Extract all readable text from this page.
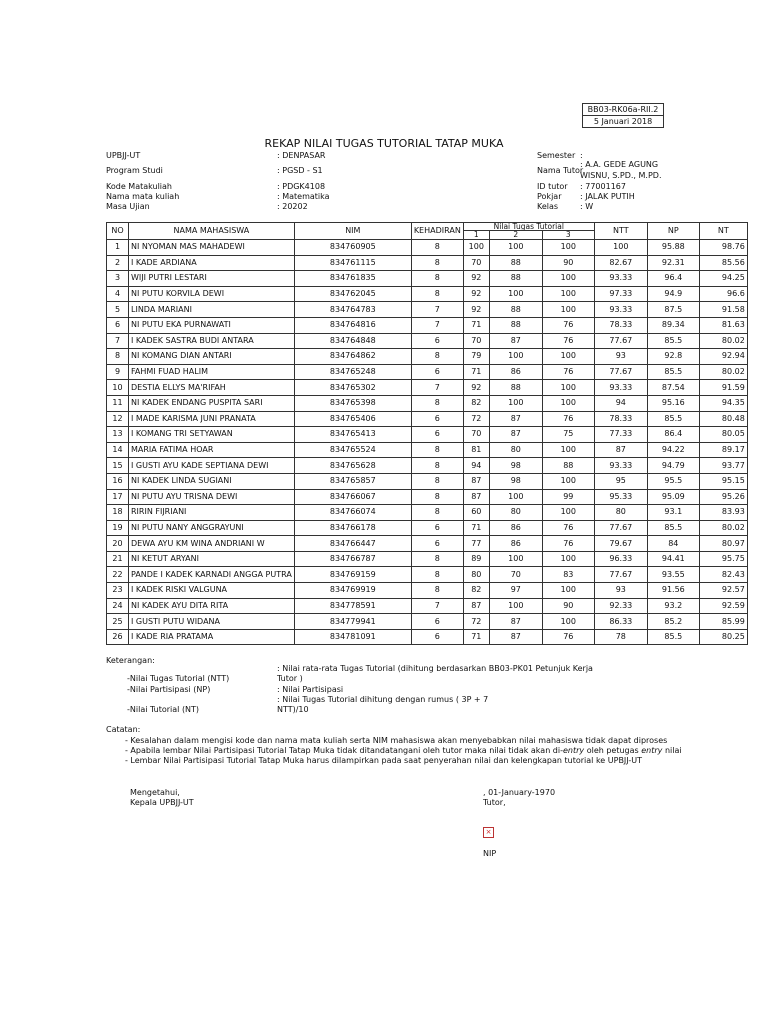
BB03-RK06a-RII.2
5 Januari 2018
REKAP NILAI TUGAS TUTORIAL TATAP MUKA
UPBJJ-UT	: DENPASAR
Program Studi	: PGSD - S1
Kode Matakuliah	: PDGK4108
Nama mata kuliah	: Matematika
Masa Ujian	: 20202
Semester :
Nama Tutor
: A.A. GEDE AGUNG
WISNU, S.PD., M.PD.
ID tutor : 77001167
Pokjar : JALAK PUTIH
Kelas	: W
NO	NAMA MAHASISWA	NIM	KEHADIRAN	Nilai Tugas Tutorial			NTT	NP	NT
				1	2	3			
1	NI NYOMAN MAS MAHADEWI	834760905	8	100	100	100	100	95.88	98.76
2	I KADE ARDIANA	834761115	8	70	88	90	82.67	92.31	85.56
3	WIJI PUTRI LESTARI	834761835	8	92	88	100	93.33	96.4	94.25
4	NI PUTU KORVILA DEWI	834762045	8	92	100	100	97.33	94.9	96.6
5	LINDA MARIANI	834764783	7	92	88	100	93.33	87.5	91.58
6	NI PUTU EKA PURNAWATI	834764816	7	71	88	76	78.33	89.34	81.63
7	I KADEK SASTRA BUDI ANTARA	834764848	6	70	87	76	77.67	85.5	80.02
8	NI KOMANG DIAN ANTARI	834764862	8	79	100	100	93	92.8	92.94
9	FAHMI FUAD HALIM	834765248	6	71	86	76	77.67	85.5	80.02
10	DESTIA ELLYS MA'RIFAH	834765302	7	92	88	100	93.33	87.54	91.59
11	NI KADEK ENDANG PUSPITA SARI	834765398	8	82	100	100	94	95.16	94.35
12	I MADE KARISMA JUNI PRANATA	834765406	6	72	87	76	78.33	85.5	80.48
13	I KOMANG TRI SETYAWAN	834765413	6	70	87	75	77.33	86.4	80.05
14	MARIA FATIMA HOAR	834765524	8	81	80	100	87	94.22	89.17
15	I GUSTI AYU KADE SEPTIANA DEWI	834765628	8	94	98	88	93.33	94.79	93.77
16	NI KADEK LINDA SUGIANI	834765857	8	87	98	100	95	95.5	95.15
17	NI PUTU AYU TRISNA DEWI	834766067	8	87	100	99	95.33	95.09	95.26
18	RIRIN FIJRIANI	834766074	8	60	80	100	80	93.1	83.93
19	NI PUTU NANY ANGGRAYUNI	834766178	6	71	86	76	77.67	85.5	80.02
20	DEWA AYU KM WINA ANDRIANI W	834766447	6	77	86	76	79.67	84	80.97
21	NI KETUT ARYANI	834766787	8	89	100	100	96.33	94.41	95.75
22	PANDE I KADEK KARNADI ANGGA PUTRA	834769159	8	80	70	83	77.67	93.55	82.43
23	I KADEK RISKI VALGUNA	834769919	8	82	97	100	93	91.56	92.57
24	NI KADEK AYU DITA RITA	834778591	7	87	100	90	92.33	93.2	92.59
25	I GUSTI PUTU WIDANA	834779941	6	72	87	100	86.33	85.2	85.99
26	I KADE RIA PRATAMA	834781091	6	71	87	76	78	85.5	80.25
Keterangan:
: Nilai rata-rata Tugas Tutorial (dihitung berdasarkan BB03-PK01 Petunjuk Kerja
-Nilai Tugas Tutorial (NTT)	Tutor )
-Nilai Partisipasi (NP)	: Nilai Partisipasi
: Nilai Tugas Tutorial dihitung dengan rumus ( 3P + 7
-Nilai Tutorial (NT)	NTT)/10
Catatan:
- Kesalahan dalam mengisi kode dan nama mata kuliah serta NIM mahasiswa akan menyebabkan nilai mahasiswa tidak dapat diproses
- Apabila lembar Nilai Partisipasi Tutorial Tatap Muka tidak ditandatangani oleh tutor maka nilai tidak akan di-entry oleh petugas entry nilai
- Lembar Nilai Partisipasi Tutorial Tatap Muka harus dilampirkan pada saat penyerahan nilai dan kelengkapan tutorial ke UPBJJ-UT
Mengetahui,
Kepala UPBJJ-UT
, 01-January-1970
Tutor,
×
NIP
